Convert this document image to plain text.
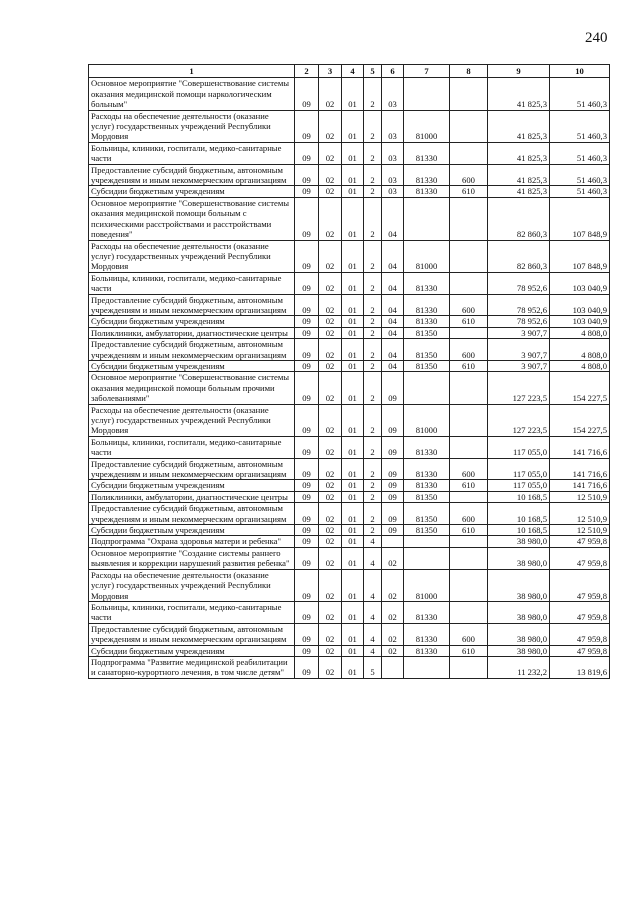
240
1	2	3	4	5	6	7	8	9	10
Основное мероприятие "Совершенствование системы оказания медицинской помощи наркологическим больным"	09	02	01	2	03			41 825,3	51 460,3
Расходы на обеспечение деятельности (оказание услуг) государственных учреждений Республики Мордовия	09	02	01	2	03	81000		41 825,3	51 460,3
Больницы, клиники, госпитали, медико-санитарные части	09	02	01	2	03	81330		41 825,3	51 460,3
Предоставление субсидий бюджетным, автономным учреждениям и иным некоммерческим организациям	09	02	01	2	03	81330	600	41 825,3	51 460,3
Субсидии бюджетным учреждениям	09	02	01	2	03	81330	610	41 825,3	51 460,3
Основное мероприятие "Совершенствование системы оказания медицинской помощи больным с психическими расстройствами и расстройствами поведения"	09	02	01	2	04			82 860,3	107 848,9
Расходы на обеспечение деятельности (оказание услуг) государственных учреждений Республики Мордовия	09	02	01	2	04	81000		82 860,3	107 848,9
Больницы, клиники, госпитали, медико-санитарные части	09	02	01	2	04	81330		78 952,6	103 040,9
Предоставление субсидий бюджетным, автономным учреждениям и иным некоммерческим организациям	09	02	01	2	04	81330	600	78 952,6	103 040,9
Субсидии бюджетным учреждениям	09	02	01	2	04	81330	610	78 952,6	103 040,9
Поликлиники, амбулатории, диагностические центры	09	02	01	2	04	81350		3 907,7	4 808,0
Предоставление субсидий бюджетным, автономным учреждениям и иным некоммерческим организациям	09	02	01	2	04	81350	600	3 907,7	4 808,0
Субсидии бюджетным учреждениям	09	02	01	2	04	81350	610	3 907,7	4 808,0
Основное мероприятие "Совершенствование системы оказания медицинской помощи больным прочими заболеваниями"	09	02	01	2	09			127 223,5	154 227,5
Расходы на обеспечение деятельности (оказание услуг) государственных учреждений Республики Мордовия	09	02	01	2	09	81000		127 223,5	154 227,5
Больницы, клиники, госпитали, медико-санитарные части	09	02	01	2	09	81330		117 055,0	141 716,6
Предоставление субсидий бюджетным, автономным учреждениям и иным некоммерческим организациям	09	02	01	2	09	81330	600	117 055,0	141 716,6
Субсидии бюджетным учреждениям	09	02	01	2	09	81330	610	117 055,0	141 716,6
Поликлиники, амбулатории, диагностические центры	09	02	01	2	09	81350		10 168,5	12 510,9
Предоставление субсидий бюджетным, автономным учреждениям и иным некоммерческим организациям	09	02	01	2	09	81350	600	10 168,5	12 510,9
Субсидии бюджетным учреждениям	09	02	01	2	09	81350	610	10 168,5	12 510,9
Подпрограмма "Охрана здоровья матери и ребенка"	09	02	01	4				38 980,0	47 959,8
Основное мероприятие "Создание системы раннего выявления и коррекции нарушений развития ребенка"	09	02	01	4	02			38 980,0	47 959,8
Расходы на обеспечение деятельности (оказание услуг) государственных учреждений Республики Мордовия	09	02	01	4	02	81000		38 980,0	47 959,8
Больницы, клиники, госпитали, медико-санитарные части	09	02	01	4	02	81330		38 980,0	47 959,8
Предоставление субсидий бюджетным, автономным учреждениям и иным некоммерческим организациям	09	02	01	4	02	81330	600	38 980,0	47 959,8
Субсидии бюджетным учреждениям	09	02	01	4	02	81330	610	38 980,0	47 959,8
Подпрограмма "Развитие медицинской реабилитации и санаторно-курортного лечения, в том числе детям"	09	02	01	5				11 232,2	13 819,6
